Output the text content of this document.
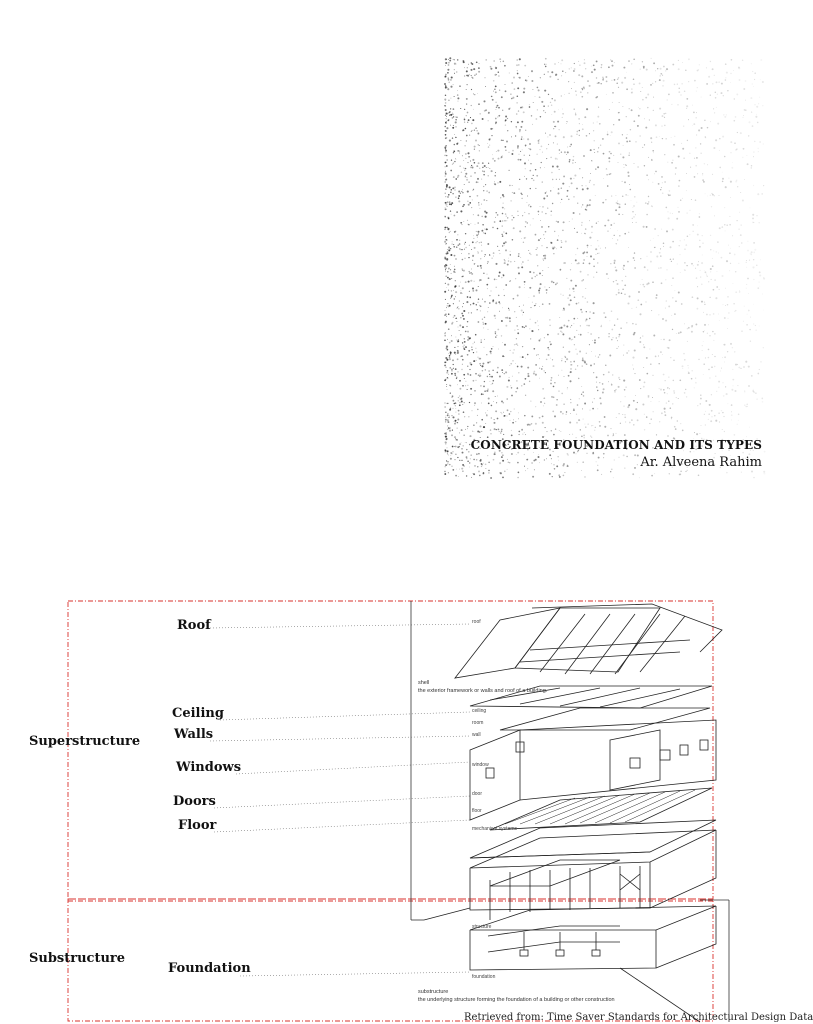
CONCRETE FOUNDATION AND ITS TYPES
Ar. Alveena Rahim
shell
the exterior framework or walls and roof of a building.
substructure
the underlying structure forming the foundation of a building or other construction
roof
ceiling
room
wall
window
door
floor
mechanical systems
structure
foundation
Superstructure
Substructure
Roof
Ceiling
Walls
Windows
Doors
Floor
Foundation
Retrieved from: Time Saver Standards for Architectural Design Data
